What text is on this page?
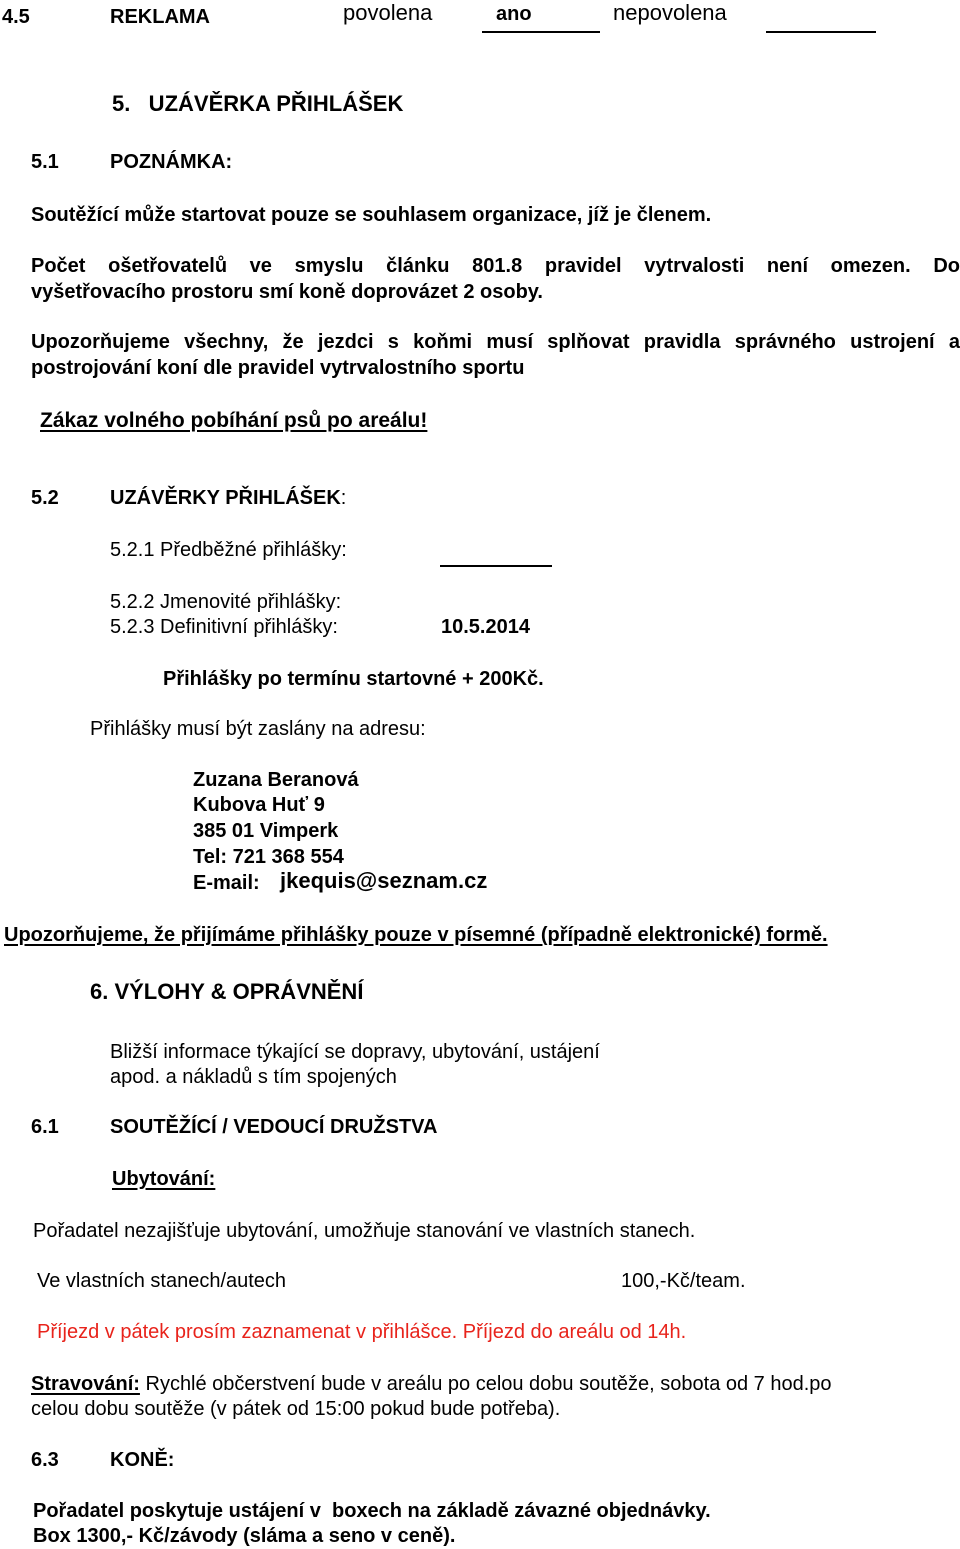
4.5	REKLAMA	povolena	ano	nepovolena
5.   UZÁVĚRKA PŘIHLÁŠEK
5.1	POZNÁMKA:
Soutěžící může startovat pouze se souhlasem organizace, jíž je členem.
Počet ošetřovatelů ve smyslu článku 801.8 pravidel vytrvalosti není omezen. Do
vyšetřovacího prostoru smí koně doprovázet 2 osoby.
Upozorňujeme všechny, že jezdci s koňmi musí splňovat pravidla správného ustrojení a
postrojování koní dle pravidel vytrvalostního sportu
Zákaz volného pobíhání psů po areálu!
5.2	UZÁVĚRKY PŘIHLÁŠEK:
5.2.1 Předběžné přihlášky:
5.2.2 Jmenovité přihlášky:
5.2.3 Definitivní přihlášky:	10.5.2014
Přihlášky po termínu startovné + 200Kč.
Přihlášky musí být zaslány na adresu:
Zuzana Beranová
Kubova Huť 9
385 01 Vimperk
Tel: 721 368 554
E-mail: jkequis@seznam.cz
Upozorňujeme, že přijímáme přihlášky pouze v písemné (případně elektronické) formě.
6. VÝLOHY & OPRÁVNĚNÍ
Bližší informace týkající se dopravy, ubytování, ustájení
apod. a nákladů s tím spojených
6.1	SOUTĚŽÍCÍ / VEDOUCÍ DRUŽSTVA
Ubytování:
Pořadatel nezajišťuje ubytování, umožňuje stanování ve vlastních stanech.
Ve vlastních stanech/autech	100,-Kč/team.
Příjezd v pátek prosím zaznamenat v přihlášce. Příjezd do areálu od 14h.
Stravování: Rychlé občerstvení bude v areálu po celou dobu soutěže, sobota od 7 hod.po
celou dobu soutěže (v pátek od 15:00 pokud bude potřeba).
6.3	KONĚ:
Pořadatel poskytuje ustájení v  boxech na základě závazné objednávky.
Box 1300,- Kč/závody (sláma a seno v ceně).
